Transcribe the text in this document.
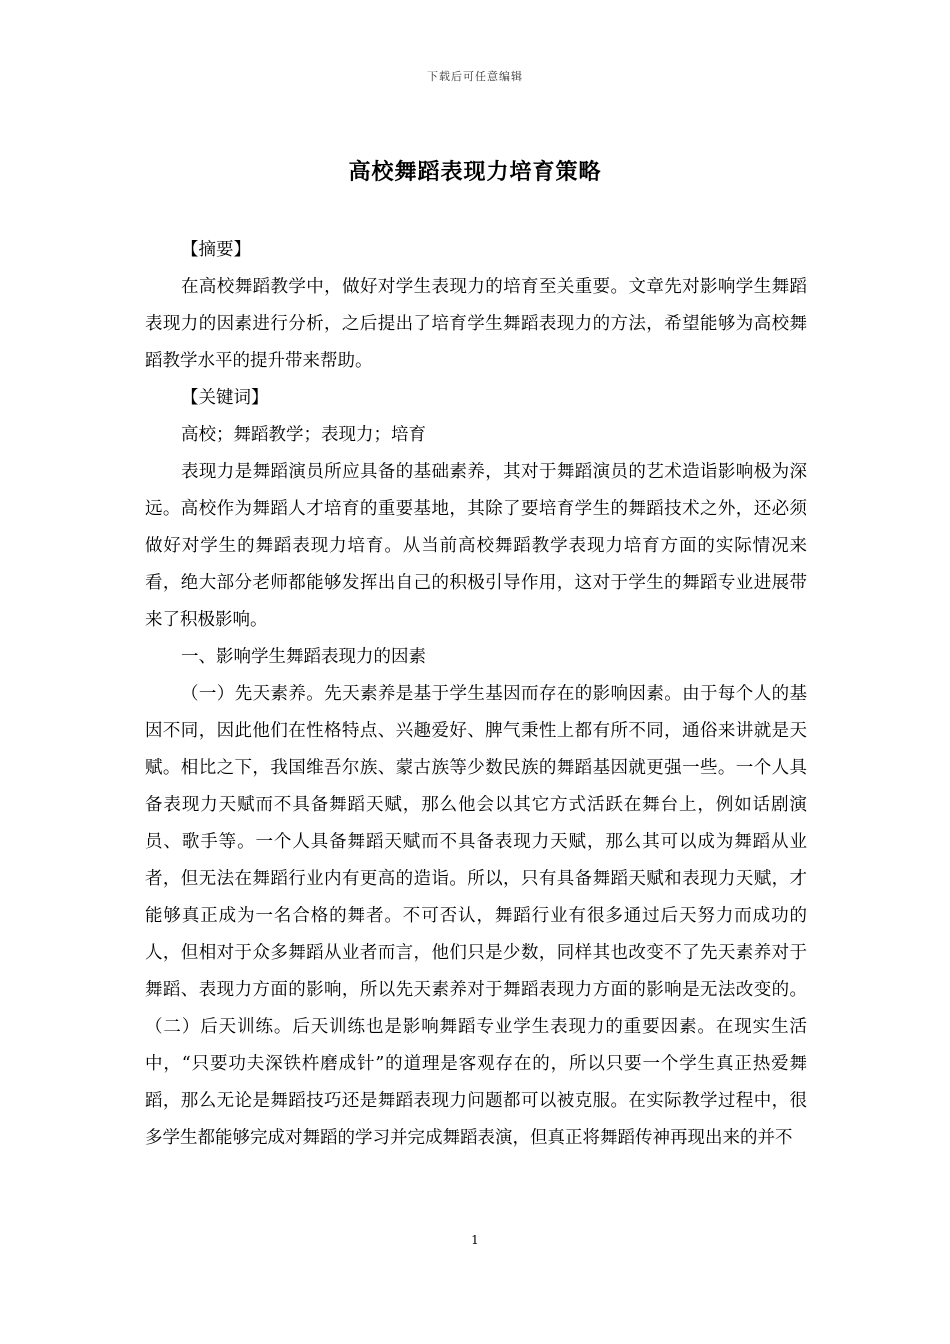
下载后可任意编辑
高校舞蹈表现力培育策略

【摘要】

在高校舞蹈教学中，做好对学生表现力的培育至关重要。文章先对影响学生舞蹈表现力的因素进行分析，之后提出了培育学生舞蹈表现力的方法，希望能够为高校舞蹈教学水平的提升带来帮助。

【关键词】

高校；舞蹈教学；表现力；培育

表现力是舞蹈演员所应具备的基础素养，其对于舞蹈演员的艺术造诣影响极为深远。高校作为舞蹈人才培育的重要基地，其除了要培育学生的舞蹈技术之外，还必须做好对学生的舞蹈表现力培育。从当前高校舞蹈教学表现力培育方面的实际情况来看，绝大部分老师都能够发挥出自己的积极引导作用，这对于学生的舞蹈专业进展带来了积极影响。

一、影响学生舞蹈表现力的因素

（一）先天素养。先天素养是基于学生基因而存在的影响因素。由于每个人的基因不同，因此他们在性格特点、兴趣爱好、脾气秉性上都有所不同，通俗来讲就是天赋。相比之下，我国维吾尔族、蒙古族等少数民族的舞蹈基因就更强一些。一个人具备表现力天赋而不具备舞蹈天赋，那么他会以其它方式活跃在舞台上，例如话剧演员、歌手等。一个人具备舞蹈天赋而不具备表现力天赋，那么其可以成为舞蹈从业者，但无法在舞蹈行业内有更高的造诣。所以，只有具备舞蹈天赋和表现力天赋，才能够真正成为一名合格的舞者。不可否认，舞蹈行业有很多通过后天努力而成功的人，但相对于众多舞蹈从业者而言，他们只是少数，同样其也改变不了先天素养对于舞蹈、表现力方面的影响，所以先天素养对于舞蹈表现力方面的影响是无法改变的。（二）后天训练。后天训练也是影响舞蹈专业学生表现力的重要因素。在现实生活中，“只要功夫深铁杵磨成针”的道理是客观存在的，所以只要一个学生真正热爱舞蹈，那么无论是舞蹈技巧还是舞蹈表现力问题都可以被克服。在实际教学过程中，很多学生都能够完成对舞蹈的学习并完成舞蹈表演，但真正将舞蹈传神再现出来的并不

1
